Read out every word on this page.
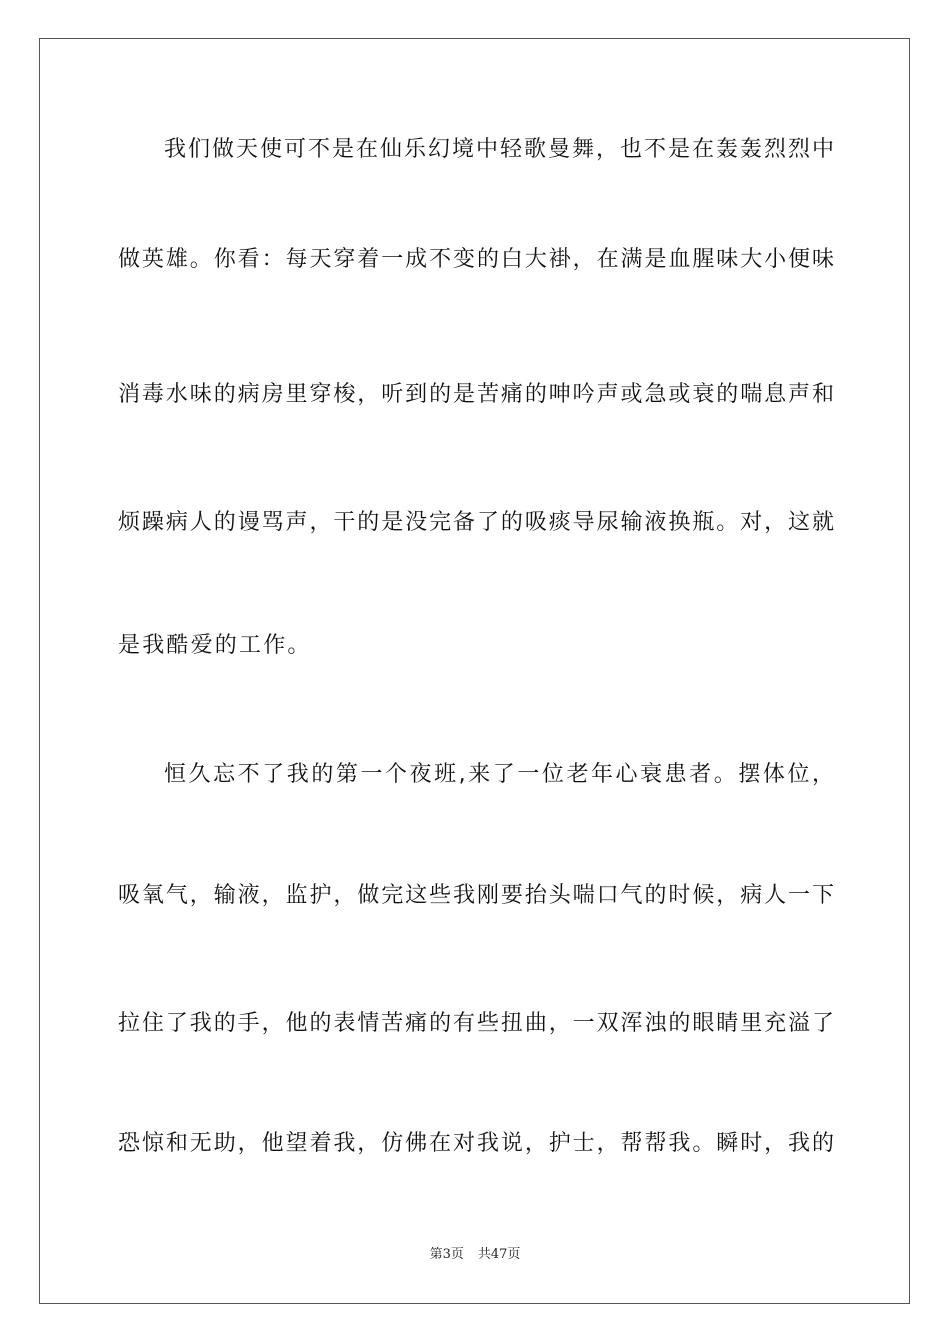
我们做天使可不是在仙乐幻境中轻歌曼舞，也不是在轰轰烈烈中
做英雄。你看：每天穿着一成不变的白大褂，在满是血腥味大小便味
消毒水味的病房里穿梭，听到的是苦痛的呻吟声或急或衰的喘息声和
烦躁病人的谩骂声，干的是没完备了的吸痰导尿输液换瓶。对，这就
是我酷爱的工作。
恒久忘不了我的第一个夜班,来了一位老年心衰患者。摆体位，
吸氧气，输液，监护，做完这些我刚要抬头喘口气的时候，病人一下
拉住了我的手，他的表情苦痛的有些扭曲，一双浑浊的眼睛里充溢了
恐惊和无助，他望着我，仿佛在对我说，护士，帮帮我。瞬时，我的
第3页 共47页
